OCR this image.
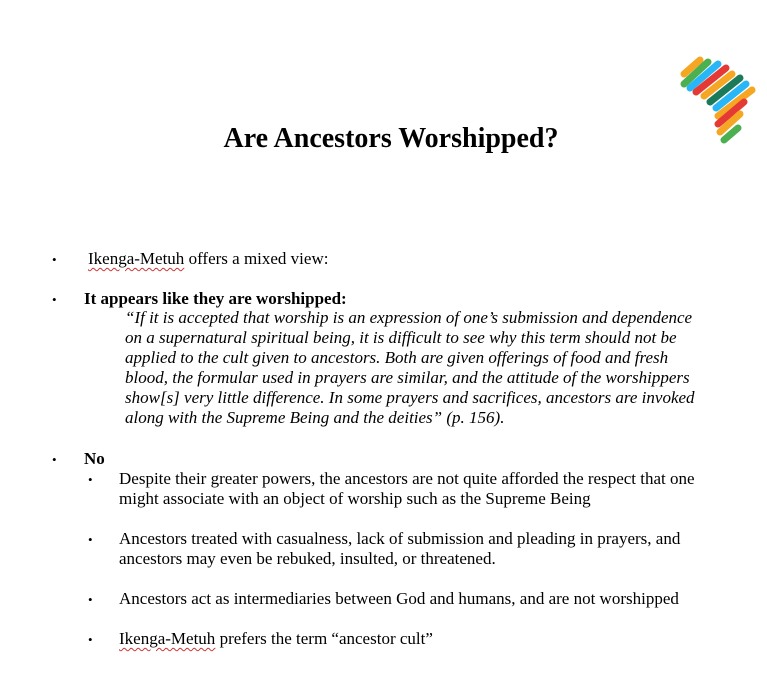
Are Ancestors Worshipped?
• Ikenga-Metuh offers a mixed view:
• It appears like they are worshipped:
“If it is accepted that worship is an expression of one’s submission and dependence on a supernatural spiritual being, it is difficult to see why this term should not be applied to the cult given to ancestors. Both are given offerings of food and fresh blood, the formular used in prayers are similar, and the attitude of the worshippers show[s] very little difference. In some prayers and sacrifices, ancestors are invoked along with the Supreme Being and the deities” (p. 156).
• No
• Despite their greater powers, the ancestors are not quite afforded the respect that one might associate with an object of worship such as the Supreme Being
• Ancestors treated with casualness, lack of submission and pleading in prayers, and ancestors may even be rebuked, insulted, or threatened.
• Ancestors act as intermediaries between God and humans, and are not worshipped
• Ikenga-Metuh prefers the term “ancestor cult”
